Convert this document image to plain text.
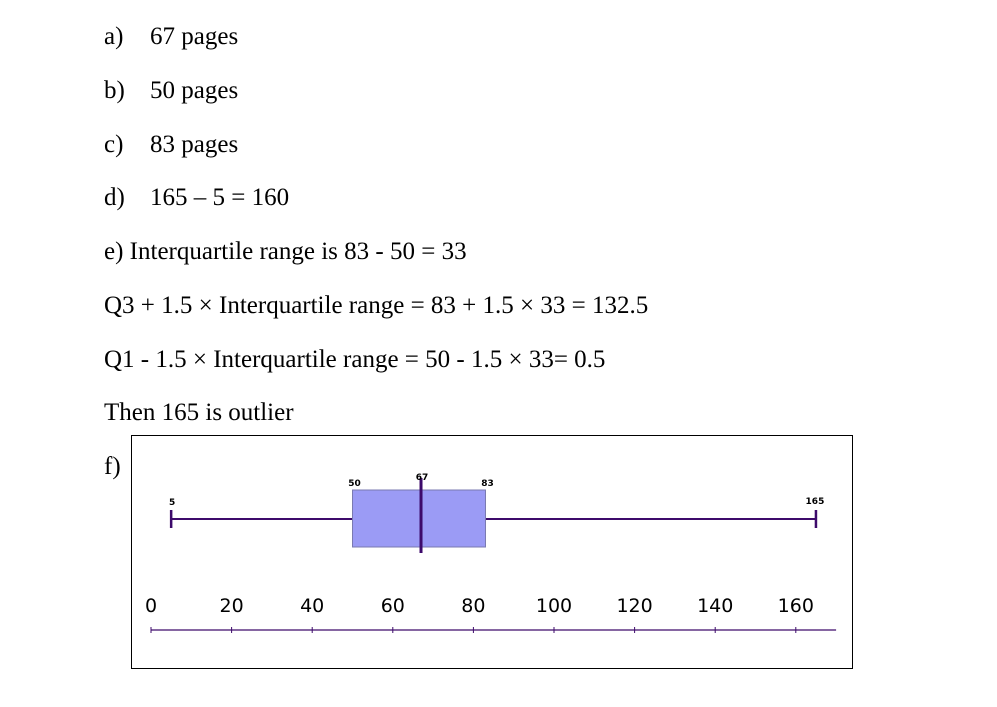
a) 67 pages
b) 50 pages
c) 83 pages
d) 165 – 5 = 160
e) Interquartile range is 83 - 50 = 33
Q3 + 1.5 × Interquartile range = 83 + 1.5 × 33 = 132.5
Q1 - 1.5 × Interquartile range = 50 - 1.5 × 33= 0.5
Then 165 is outlier
f)
5
50
67
83
165
0	20	40	60	80	100 120 140 160
